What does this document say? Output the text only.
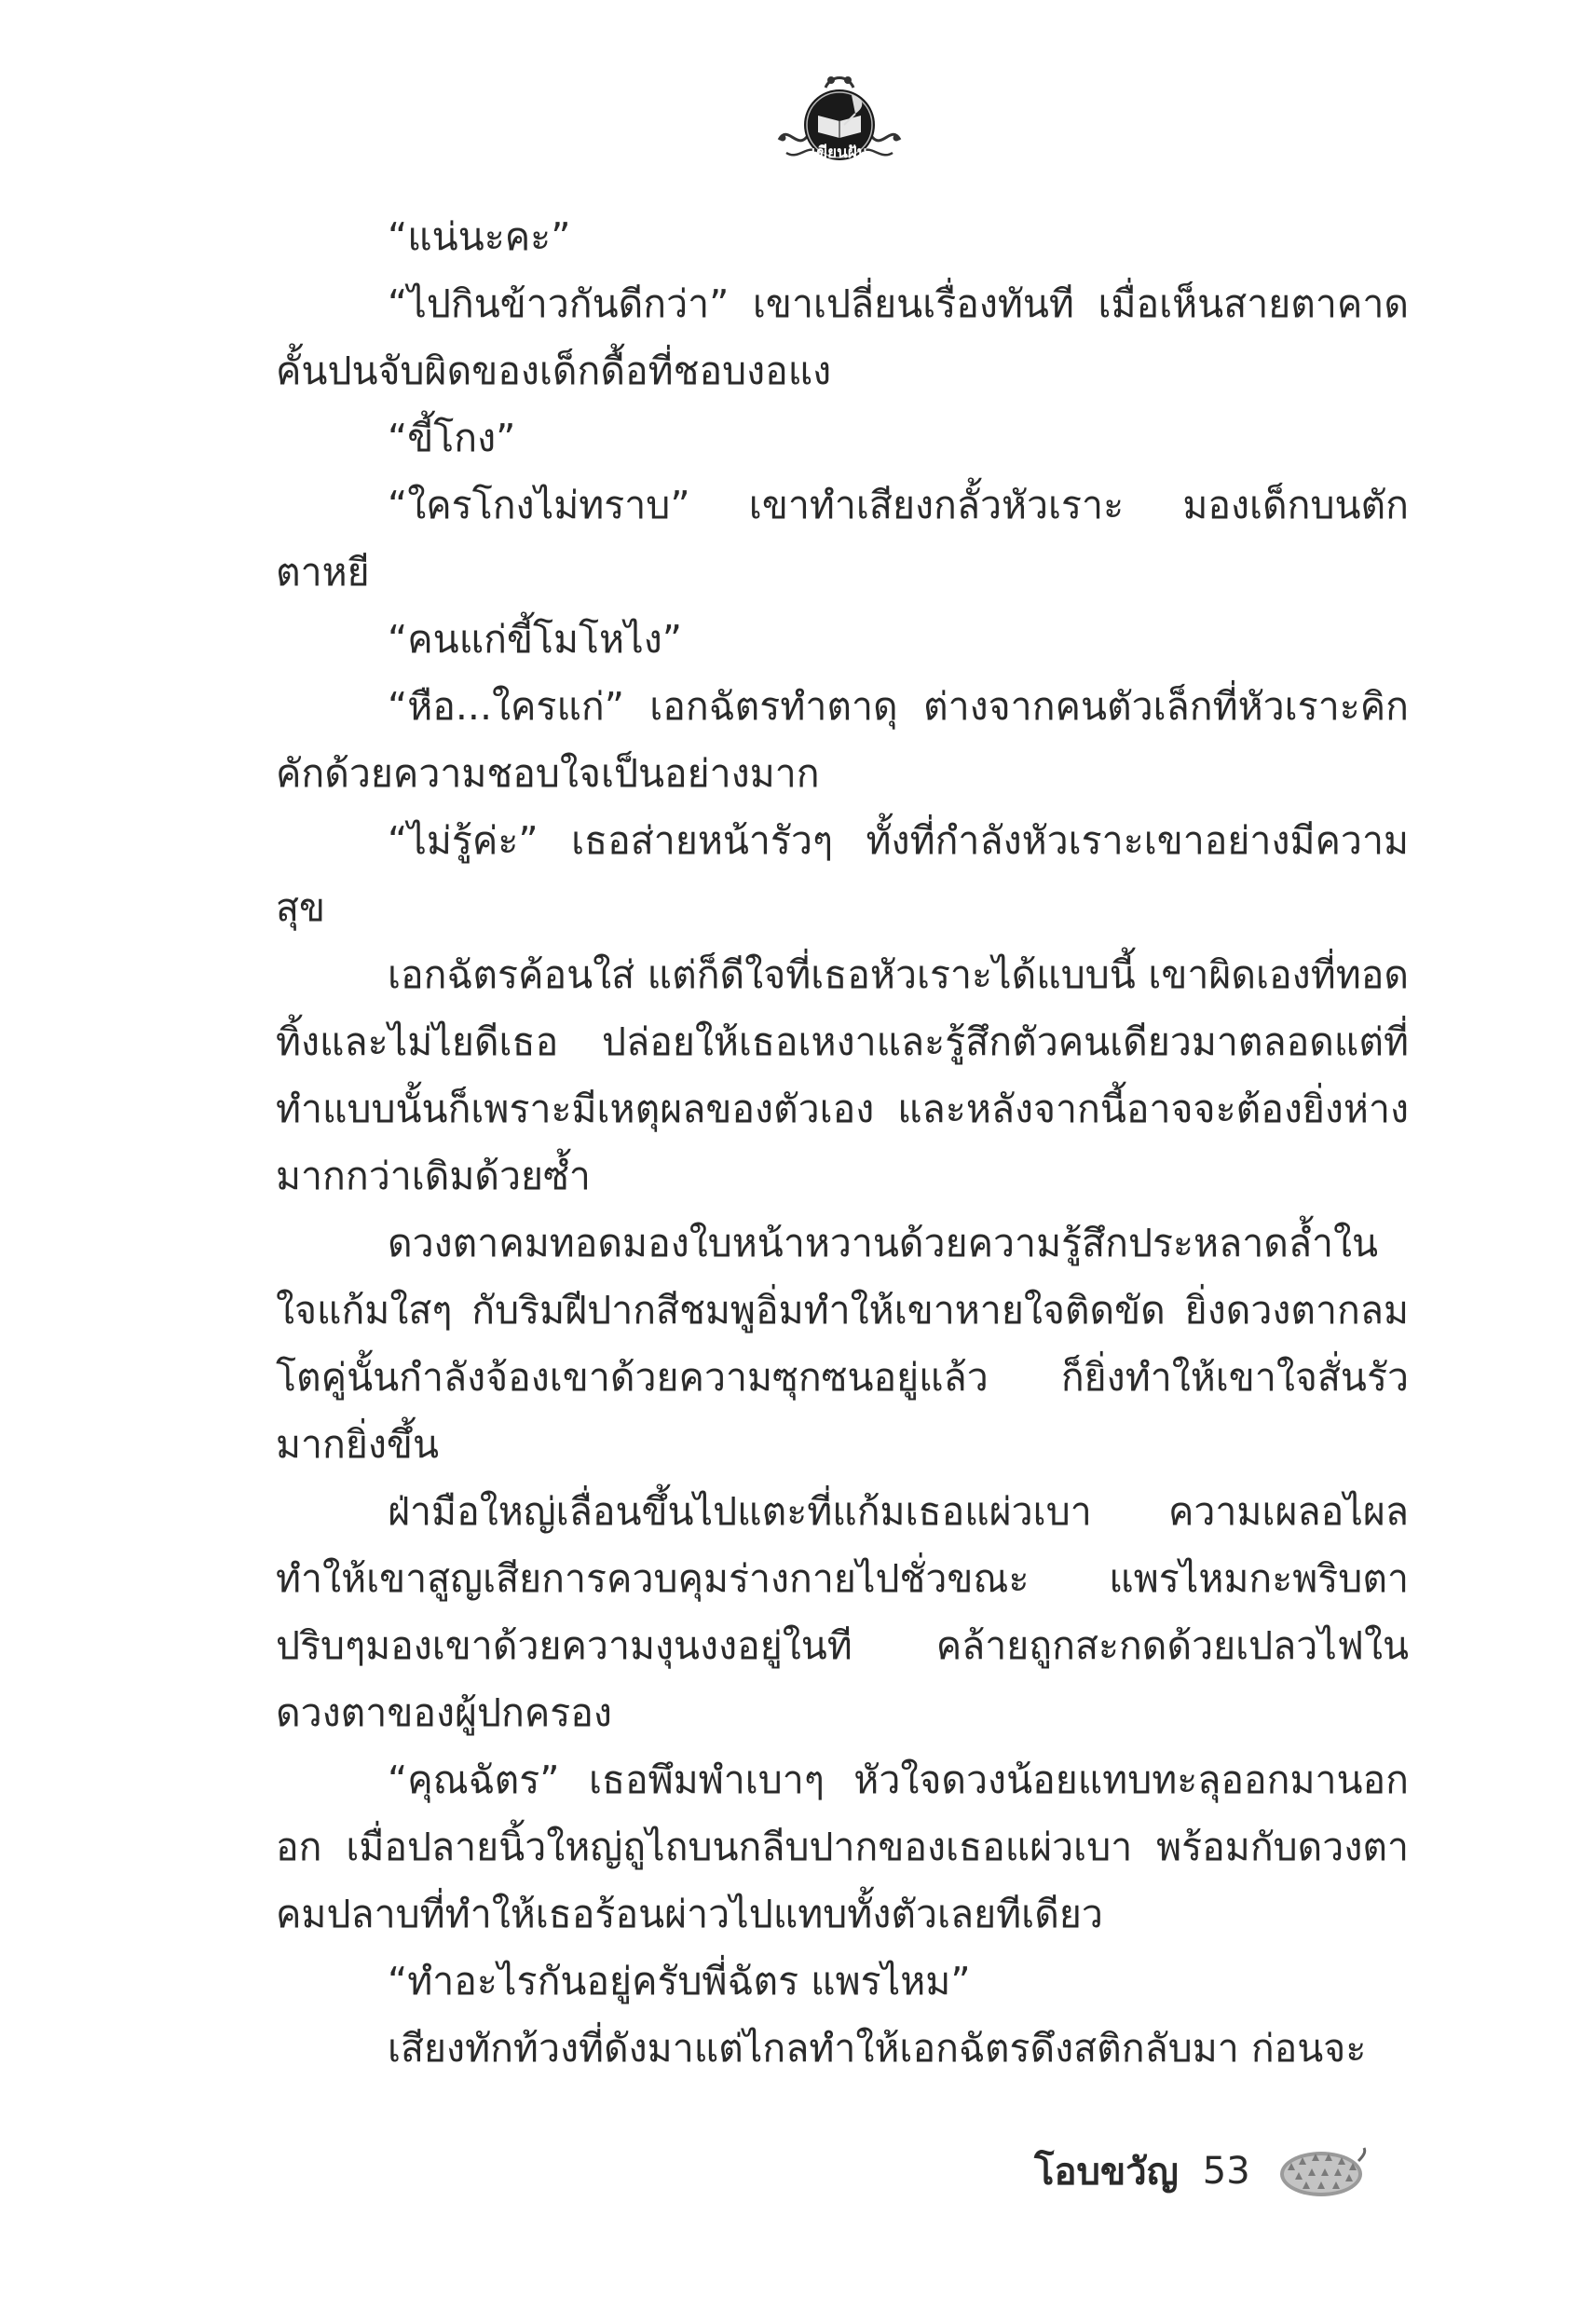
เขียนฝัน

“แน่นะคะ”

“ไปกินข้าวกันดีกว่า” เขาเปลี่ยนเรื่องทันที เมื่อเห็นสายตาคาดคั้นปนจับผิดของเด็กดื้อที่ชอบงอแง

“ขี้โกง”

“ใครโกงไม่ทราบ” เขาทำเสียงกลั้วหัวเราะ มองเด็กบนตักตาหยี

“คนแก่ขี้โมโหไง”

“หือ...ใครแก่” เอกฉัตรทำตาดุ ต่างจากคนตัวเล็กที่หัวเราะคิกคักด้วยความชอบใจเป็นอย่างมาก

“ไม่รู้ค่ะ” เธอส่ายหน้ารัวๆ ทั้งที่กำลังหัวเราะเขาอย่างมีความสุข

เอกฉัตรค้อนใส่ แต่ก็ดีใจที่เธอหัวเราะได้แบบนี้ เขาผิดเองที่ทอดทิ้งและไม่ไยดีเธอ ปล่อยให้เธอเหงาและรู้สึกตัวคนเดียวมาตลอดแต่ที่ทำแบบนั้นก็เพราะมีเหตุผลของตัวเอง และหลังจากนี้อาจจะต้องยิ่งห่างมากกว่าเดิมด้วยซ้ำ

ดวงตาคมทอดมองใบหน้าหวานด้วยความรู้สึกประหลาดล้ำในใจแก้มใสๆ กับริมฝีปากสีชมพูอิ่มทำให้เขาหายใจติดขัด ยิ่งดวงตากลมโตคู่นั้นกำลังจ้องเขาด้วยความซุกซนอยู่แล้ว ก็ยิ่งทำให้เขาใจสั่นรัวมากยิ่งขึ้น

ฝ่ามือใหญ่เลื่อนขึ้นไปแตะที่แก้มเธอแผ่วเบา ความเผลอไผลทำให้เขาสูญเสียการควบคุมร่างกายไปชั่วขณะ แพรไหมกะพริบตาปริบๆมองเขาด้วยความงุนงงอยู่ในที คล้ายถูกสะกดด้วยเปลวไฟในดวงตาของผู้ปกครอง

“คุณฉัตร” เธอพึมพำเบาๆ หัวใจดวงน้อยแทบทะลุออกมานอกอก เมื่อปลายนิ้วใหญ่ถูไถบนกลีบปากของเธอแผ่วเบา พร้อมกับดวงตาคมปลาบที่ทำให้เธอร้อนผ่าวไปแทบทั้งตัวเลยทีเดียว

“ทำอะไรกันอยู่ครับพี่ฉัตร แพรไหม”

เสียงทักท้วงที่ดังมาแต่ไกลทำให้เอกฉัตรดึงสติกลับมา ก่อนจะ

โอบขวัญ 53
